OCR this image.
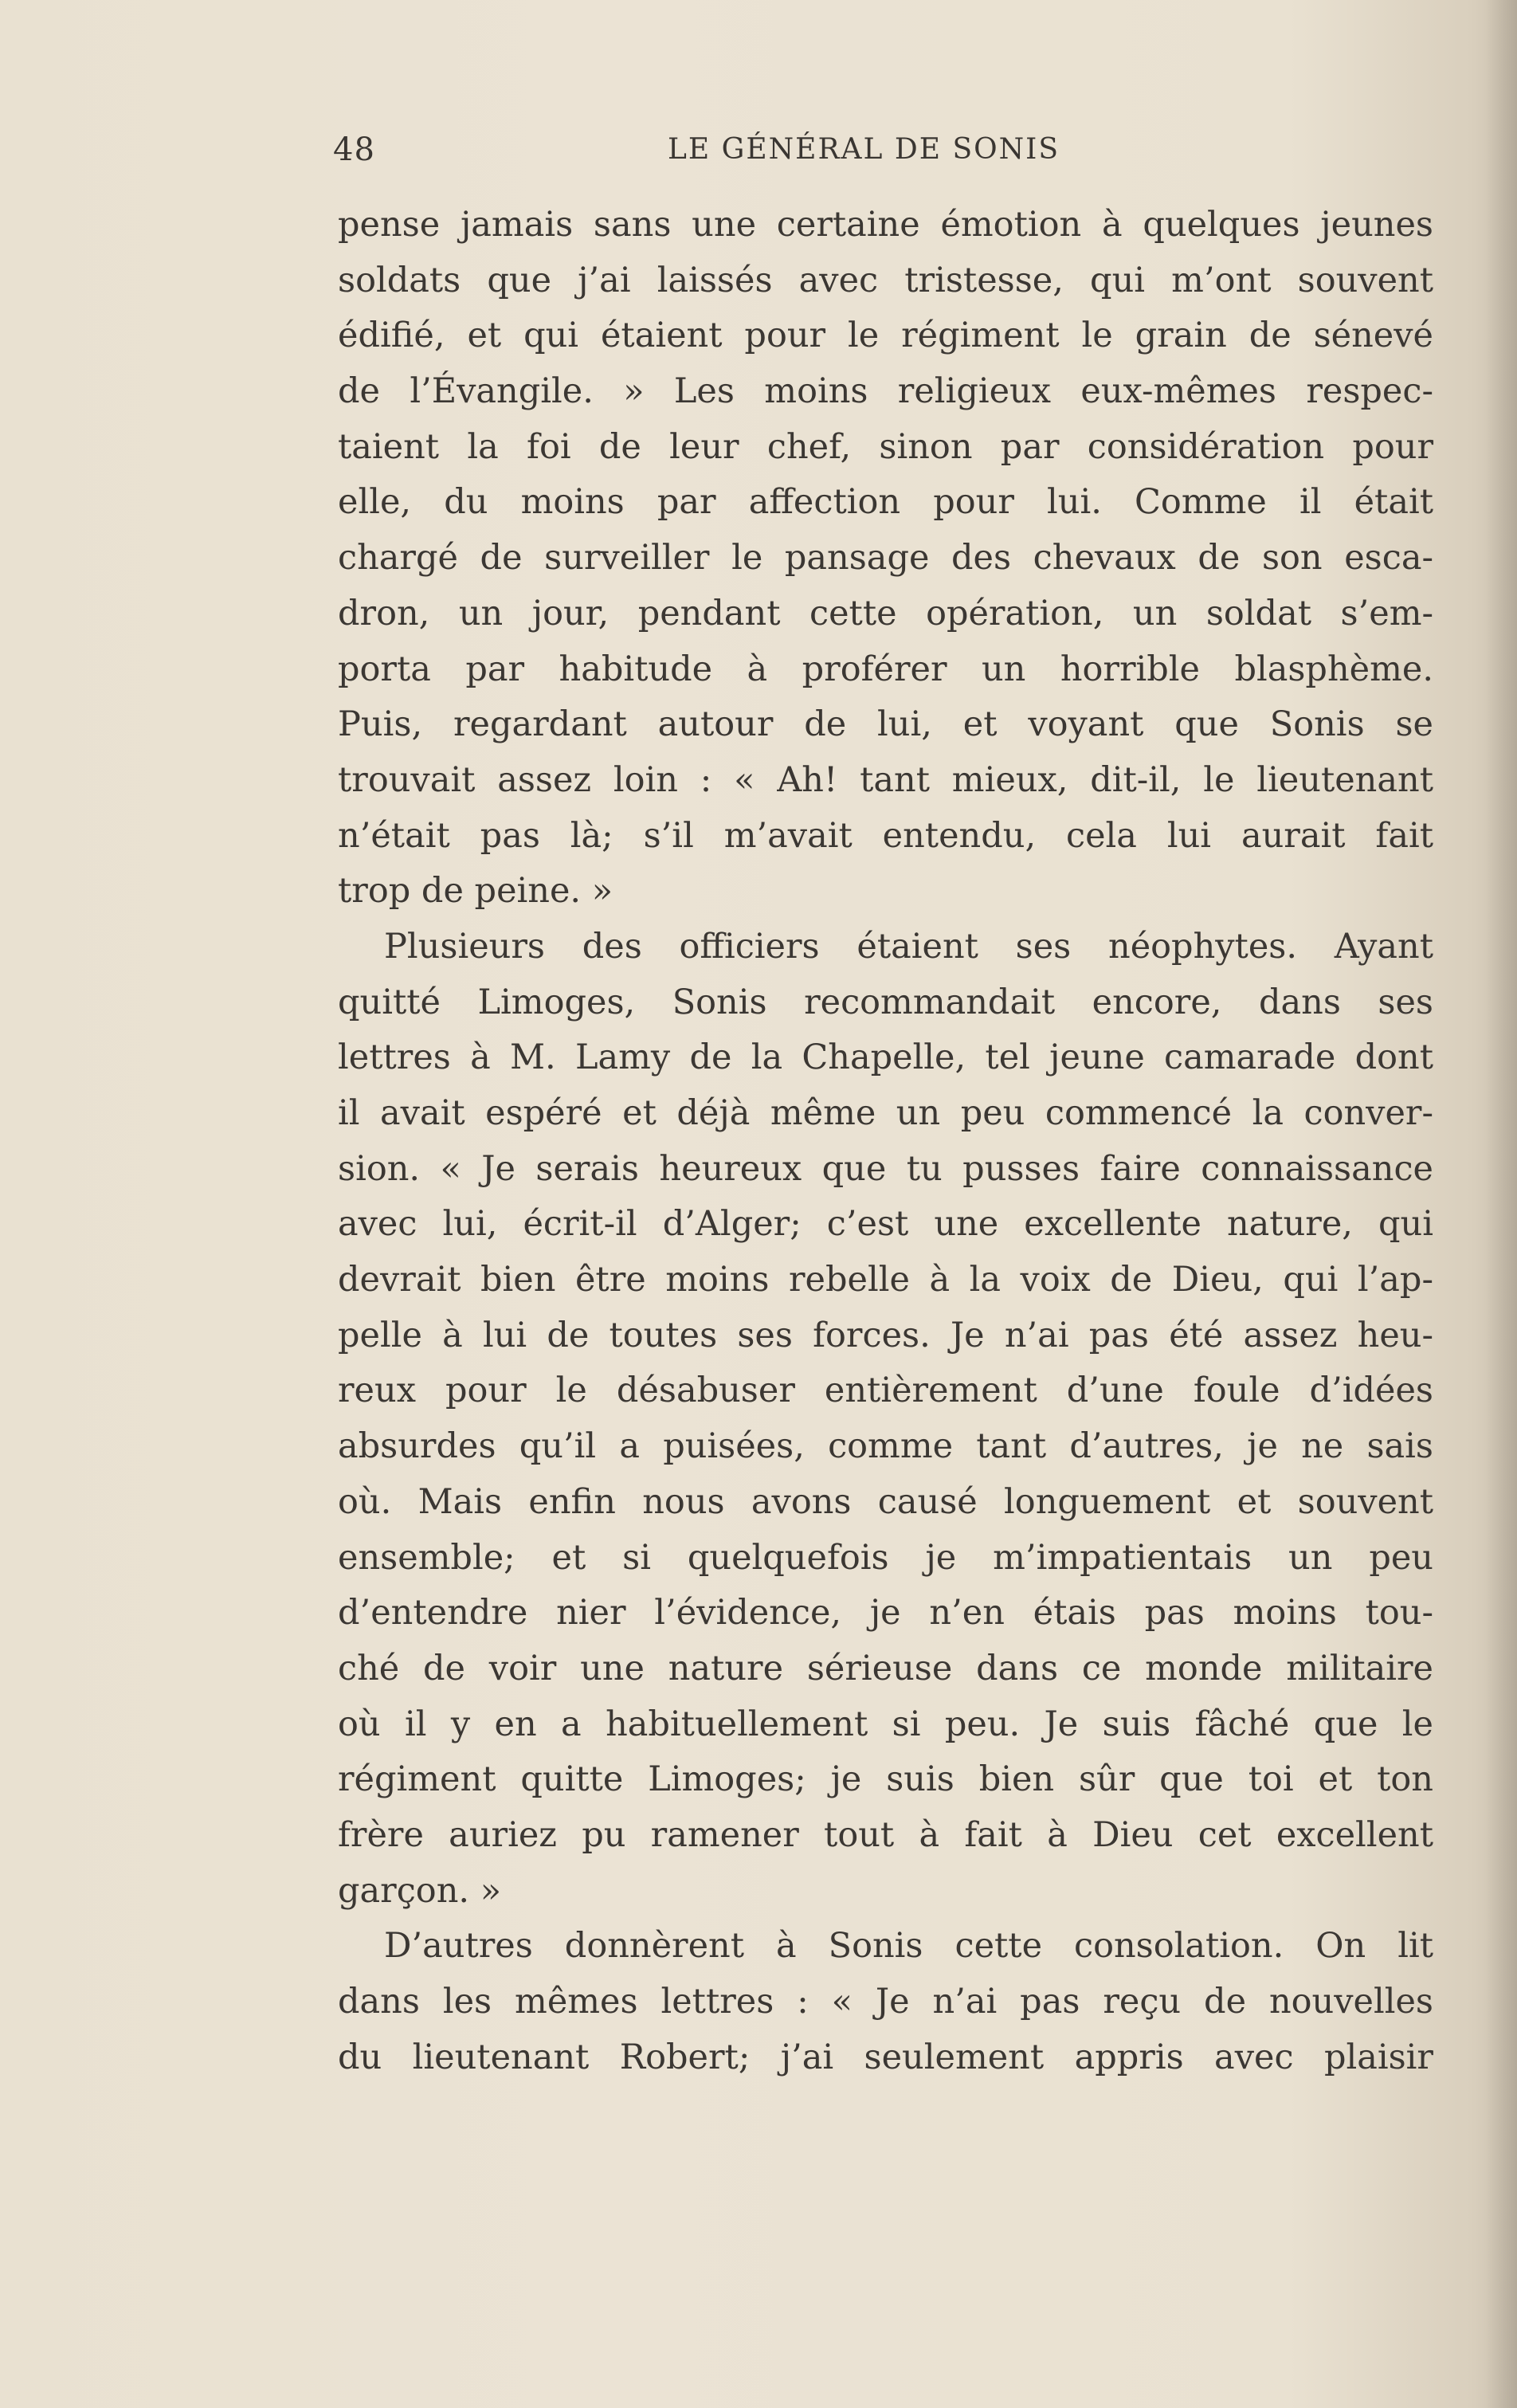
48	LE GÉNÉRAL DE SONIS
pense jamais sans une certaine émotion à quelques jeunes
soldats que j’ai laissés avec tristesse, qui m’ont souvent
édifié, et qui étaient pour le régiment le grain de sénevé
de l’Évangile. » Les moins religieux eux-mêmes respec-
taient la foi de leur chef, sinon par considération pour
elle, du moins par affection pour lui. Comme il était
chargé de surveiller le pansage des chevaux de son esca-
dron, un jour, pendant cette opération, un soldat s’em-
porta par habitude à proférer un horrible blasphème.
Puis, regardant autour de lui, et voyant que Sonis se
trouvait assez loin : « Ah! tant mieux, dit-il, le lieutenant
n’était pas là; s’il m’avait entendu, cela lui aurait fait
trop de peine. »
Plusieurs des officiers étaient ses néophytes. Ayant
quitté Limoges, Sonis recommandait encore, dans ses
lettres à M. Lamy de la Chapelle, tel jeune camarade dont
il avait espéré et déjà même un peu commencé la conver-
sion. « Je serais heureux que tu pusses faire connaissance
avec lui, écrit-il d’Alger; c’est une excellente nature, qui
devrait bien être moins rebelle à la voix de Dieu, qui l’ap-
pelle à lui de toutes ses forces. Je n’ai pas été assez heu-
reux pour le désabuser entièrement d’une foule d’idées
absurdes qu’il a puisées, comme tant d’autres, je ne sais
où. Mais enfin nous avons causé longuement et souvent
ensemble; et si quelquefois je m’impatientais un peu
d’entendre nier l’évidence, je n’en étais pas moins tou-
ché de voir une nature sérieuse dans ce monde militaire
où il y en a habituellement si peu. Je suis fâché que le
régiment quitte Limoges; je suis bien sûr que toi et ton
frère auriez pu ramener tout à fait à Dieu cet excellent
garçon. »
D’autres donnèrent à Sonis cette consolation. On lit
dans les mêmes lettres : « Je n’ai pas reçu de nouvelles
du lieutenant Robert; j’ai seulement appris avec plaisir
